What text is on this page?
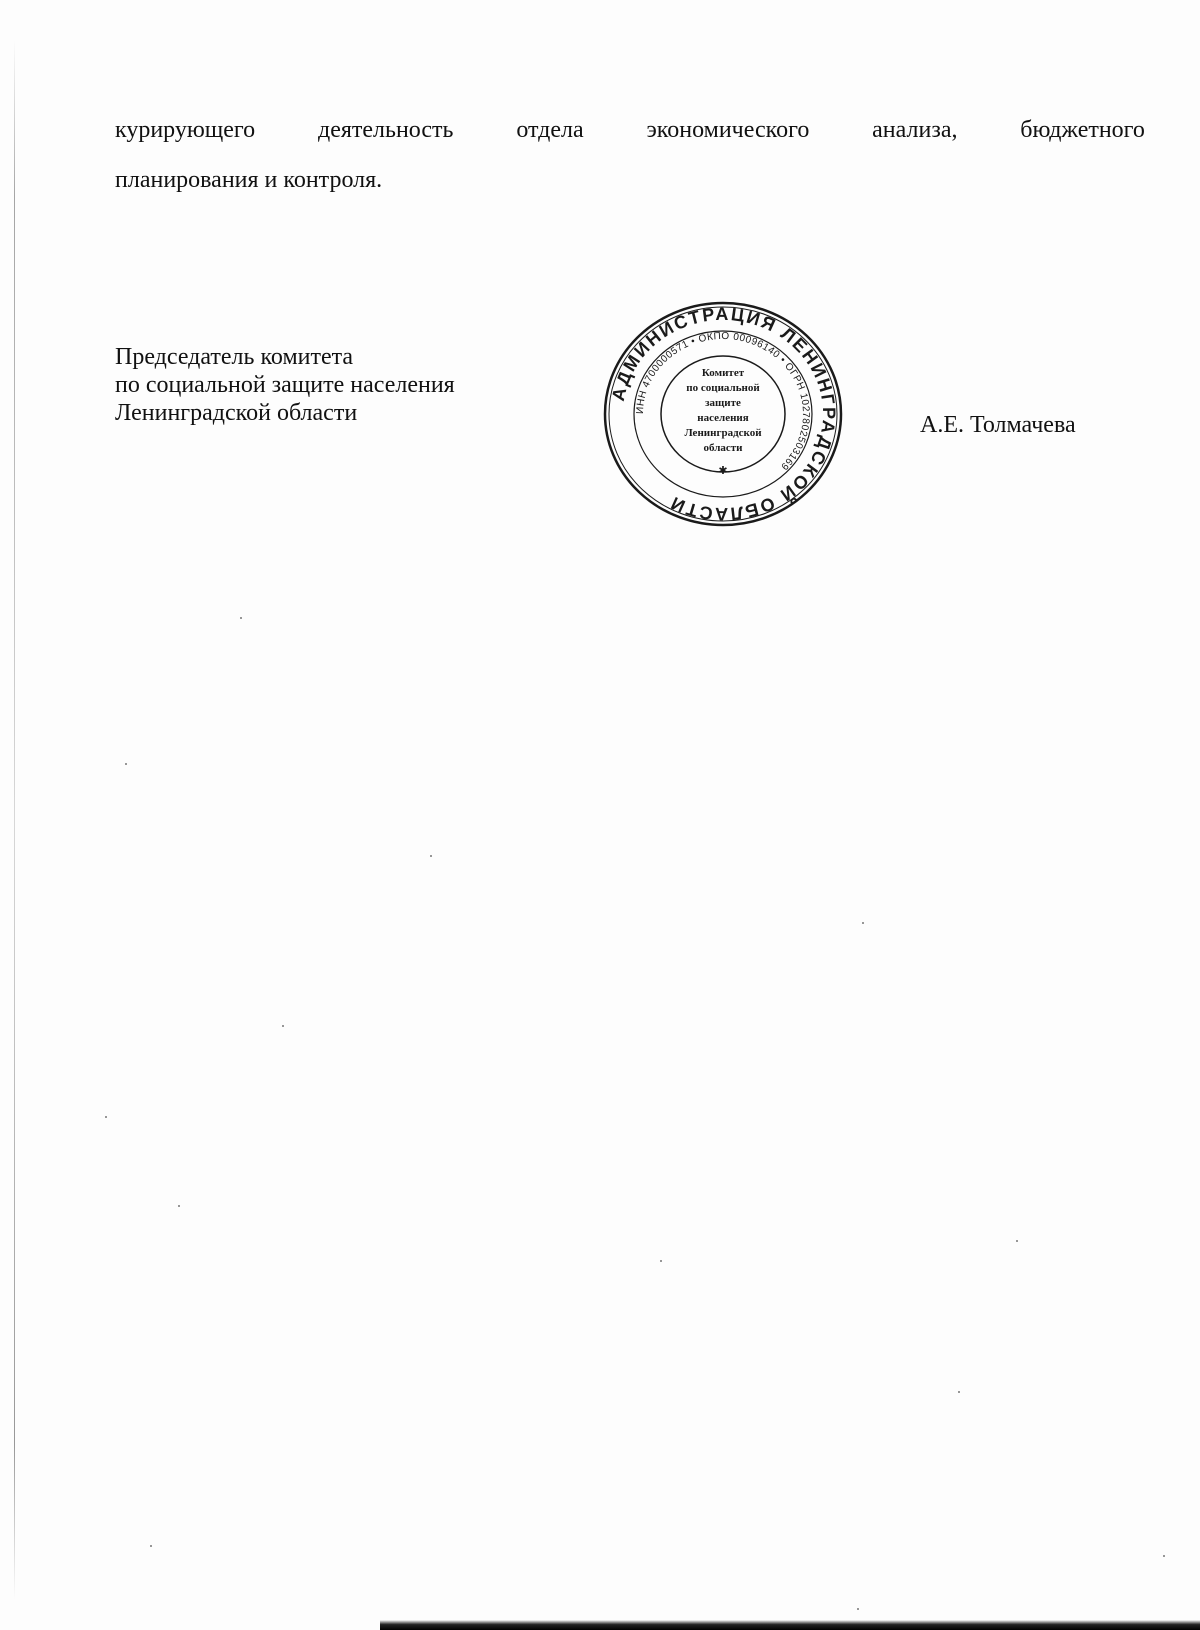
курирующего	деятельность	отдела	экономического	анализа,	бюджетного
планирования и контроля.
Председатель комитета
по социальной защите населения
Ленинградской области
АДМИНИСТРАЦИЯ ЛЕНИНГРАДСКОЙ ОБЛАСТИ
ИНН 4700000571 • ОКПО 00096140 • ОГРН 1027802503169
Комитет
по социальной
защите
населения
Ленинградской
области
✱
А.Е. Толмачева
